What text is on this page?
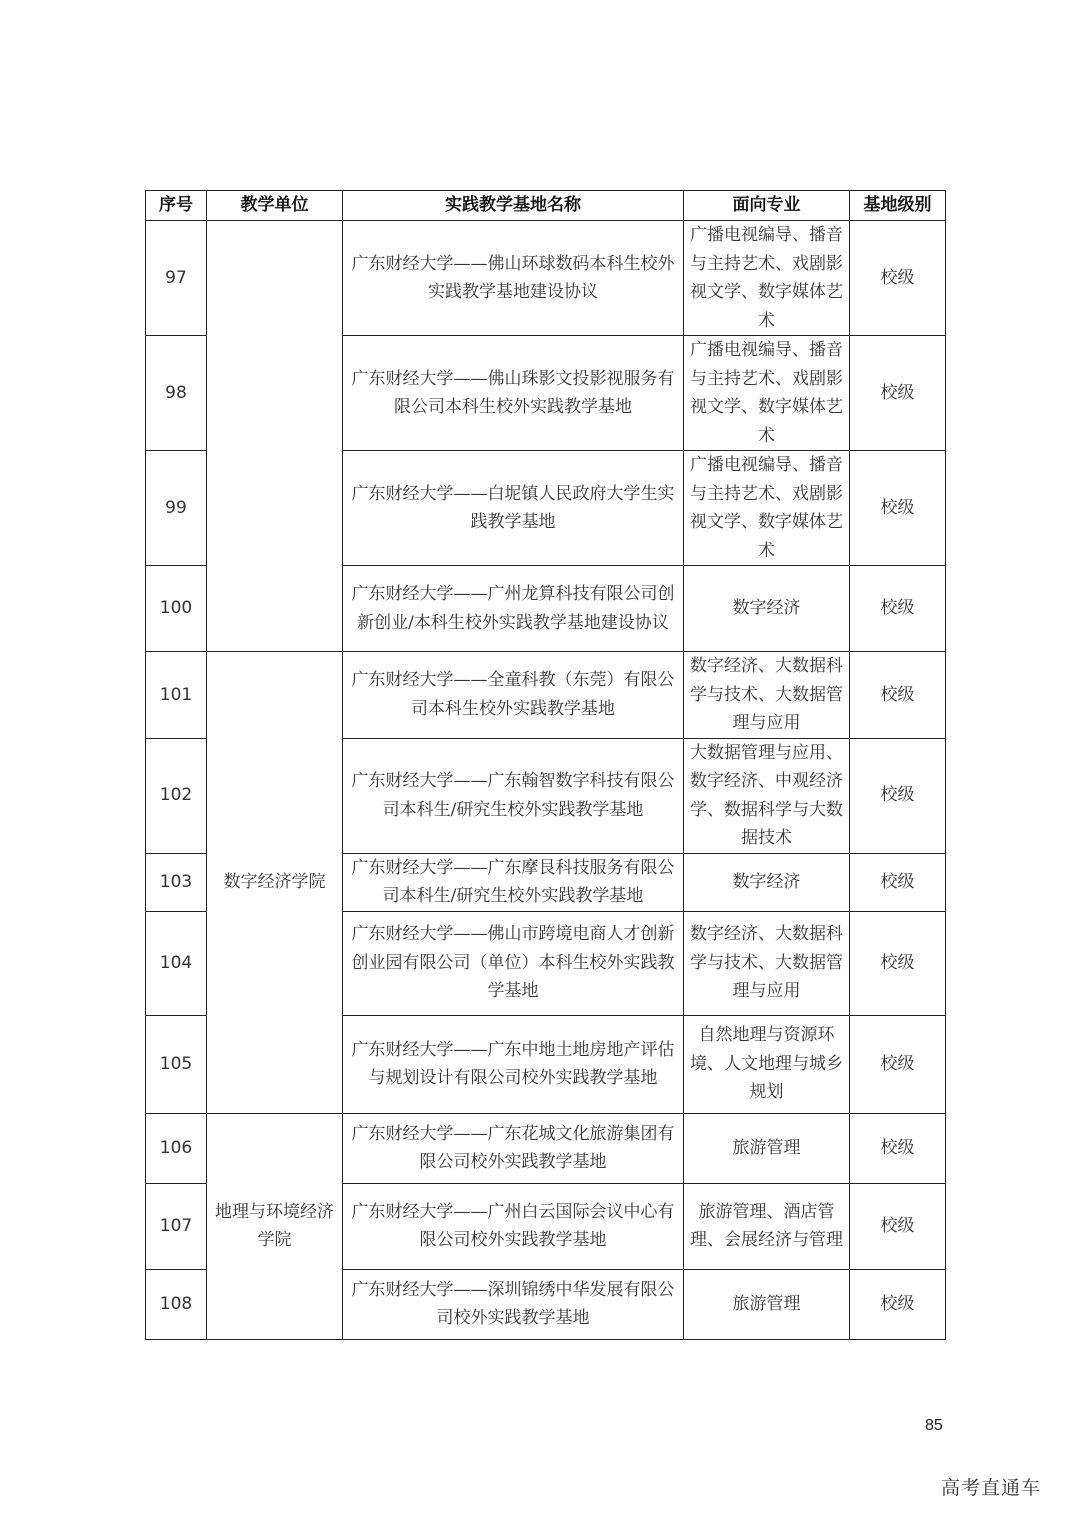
序号	教学单位	实践教学基地名称	面向专业	基地级别
97		广东财经大学——佛山环球数码本科生校外实践教学基地建设协议	广播电视编导、播音与主持艺术、戏剧影视文学、数字媒体艺术	校级
98		广东财经大学——佛山珠影文投影视服务有限公司本科生校外实践教学基地	广播电视编导、播音与主持艺术、戏剧影视文学、数字媒体艺术	校级
99		广东财经大学——白坭镇人民政府大学生实践教学基地	广播电视编导、播音与主持艺术、戏剧影视文学、数字媒体艺术	校级
100		广东财经大学——广州龙算科技有限公司创新创业/本科生校外实践教学基地建设协议	数字经济	校级
101	数字经济学院	广东财经大学——全童科教（东莞）有限公司本科生校外实践教学基地	数字经济、大数据科学与技术、大数据管理与应用	校级
102		广东财经大学——广东翰智数字科技有限公司本科生/研究生校外实践教学基地	大数据管理与应用、数字经济、中观经济学、数据科学与大数据技术	校级
103		广东财经大学——广东摩艮科技服务有限公司本科生/研究生校外实践教学基地	数字经济	校级
104		广东财经大学——佛山市跨境电商人才创新创业园有限公司（单位）本科生校外实践教学基地	数字经济、大数据科学与技术、大数据管理与应用	校级
105		广东财经大学——广东中地土地房地产评估与规划设计有限公司校外实践教学基地	自然地理与资源环境、人文地理与城乡规划	校级
106	地理与环境经济学院	广东财经大学——广东花城文化旅游集团有限公司校外实践教学基地	旅游管理	校级
107		广东财经大学——广州白云国际会议中心有限公司校外实践教学基地	旅游管理、酒店管理、会展经济与管理	校级
108		广东财经大学——深圳锦绣中华发展有限公司校外实践教学基地	旅游管理	校级
85
高考直通车
